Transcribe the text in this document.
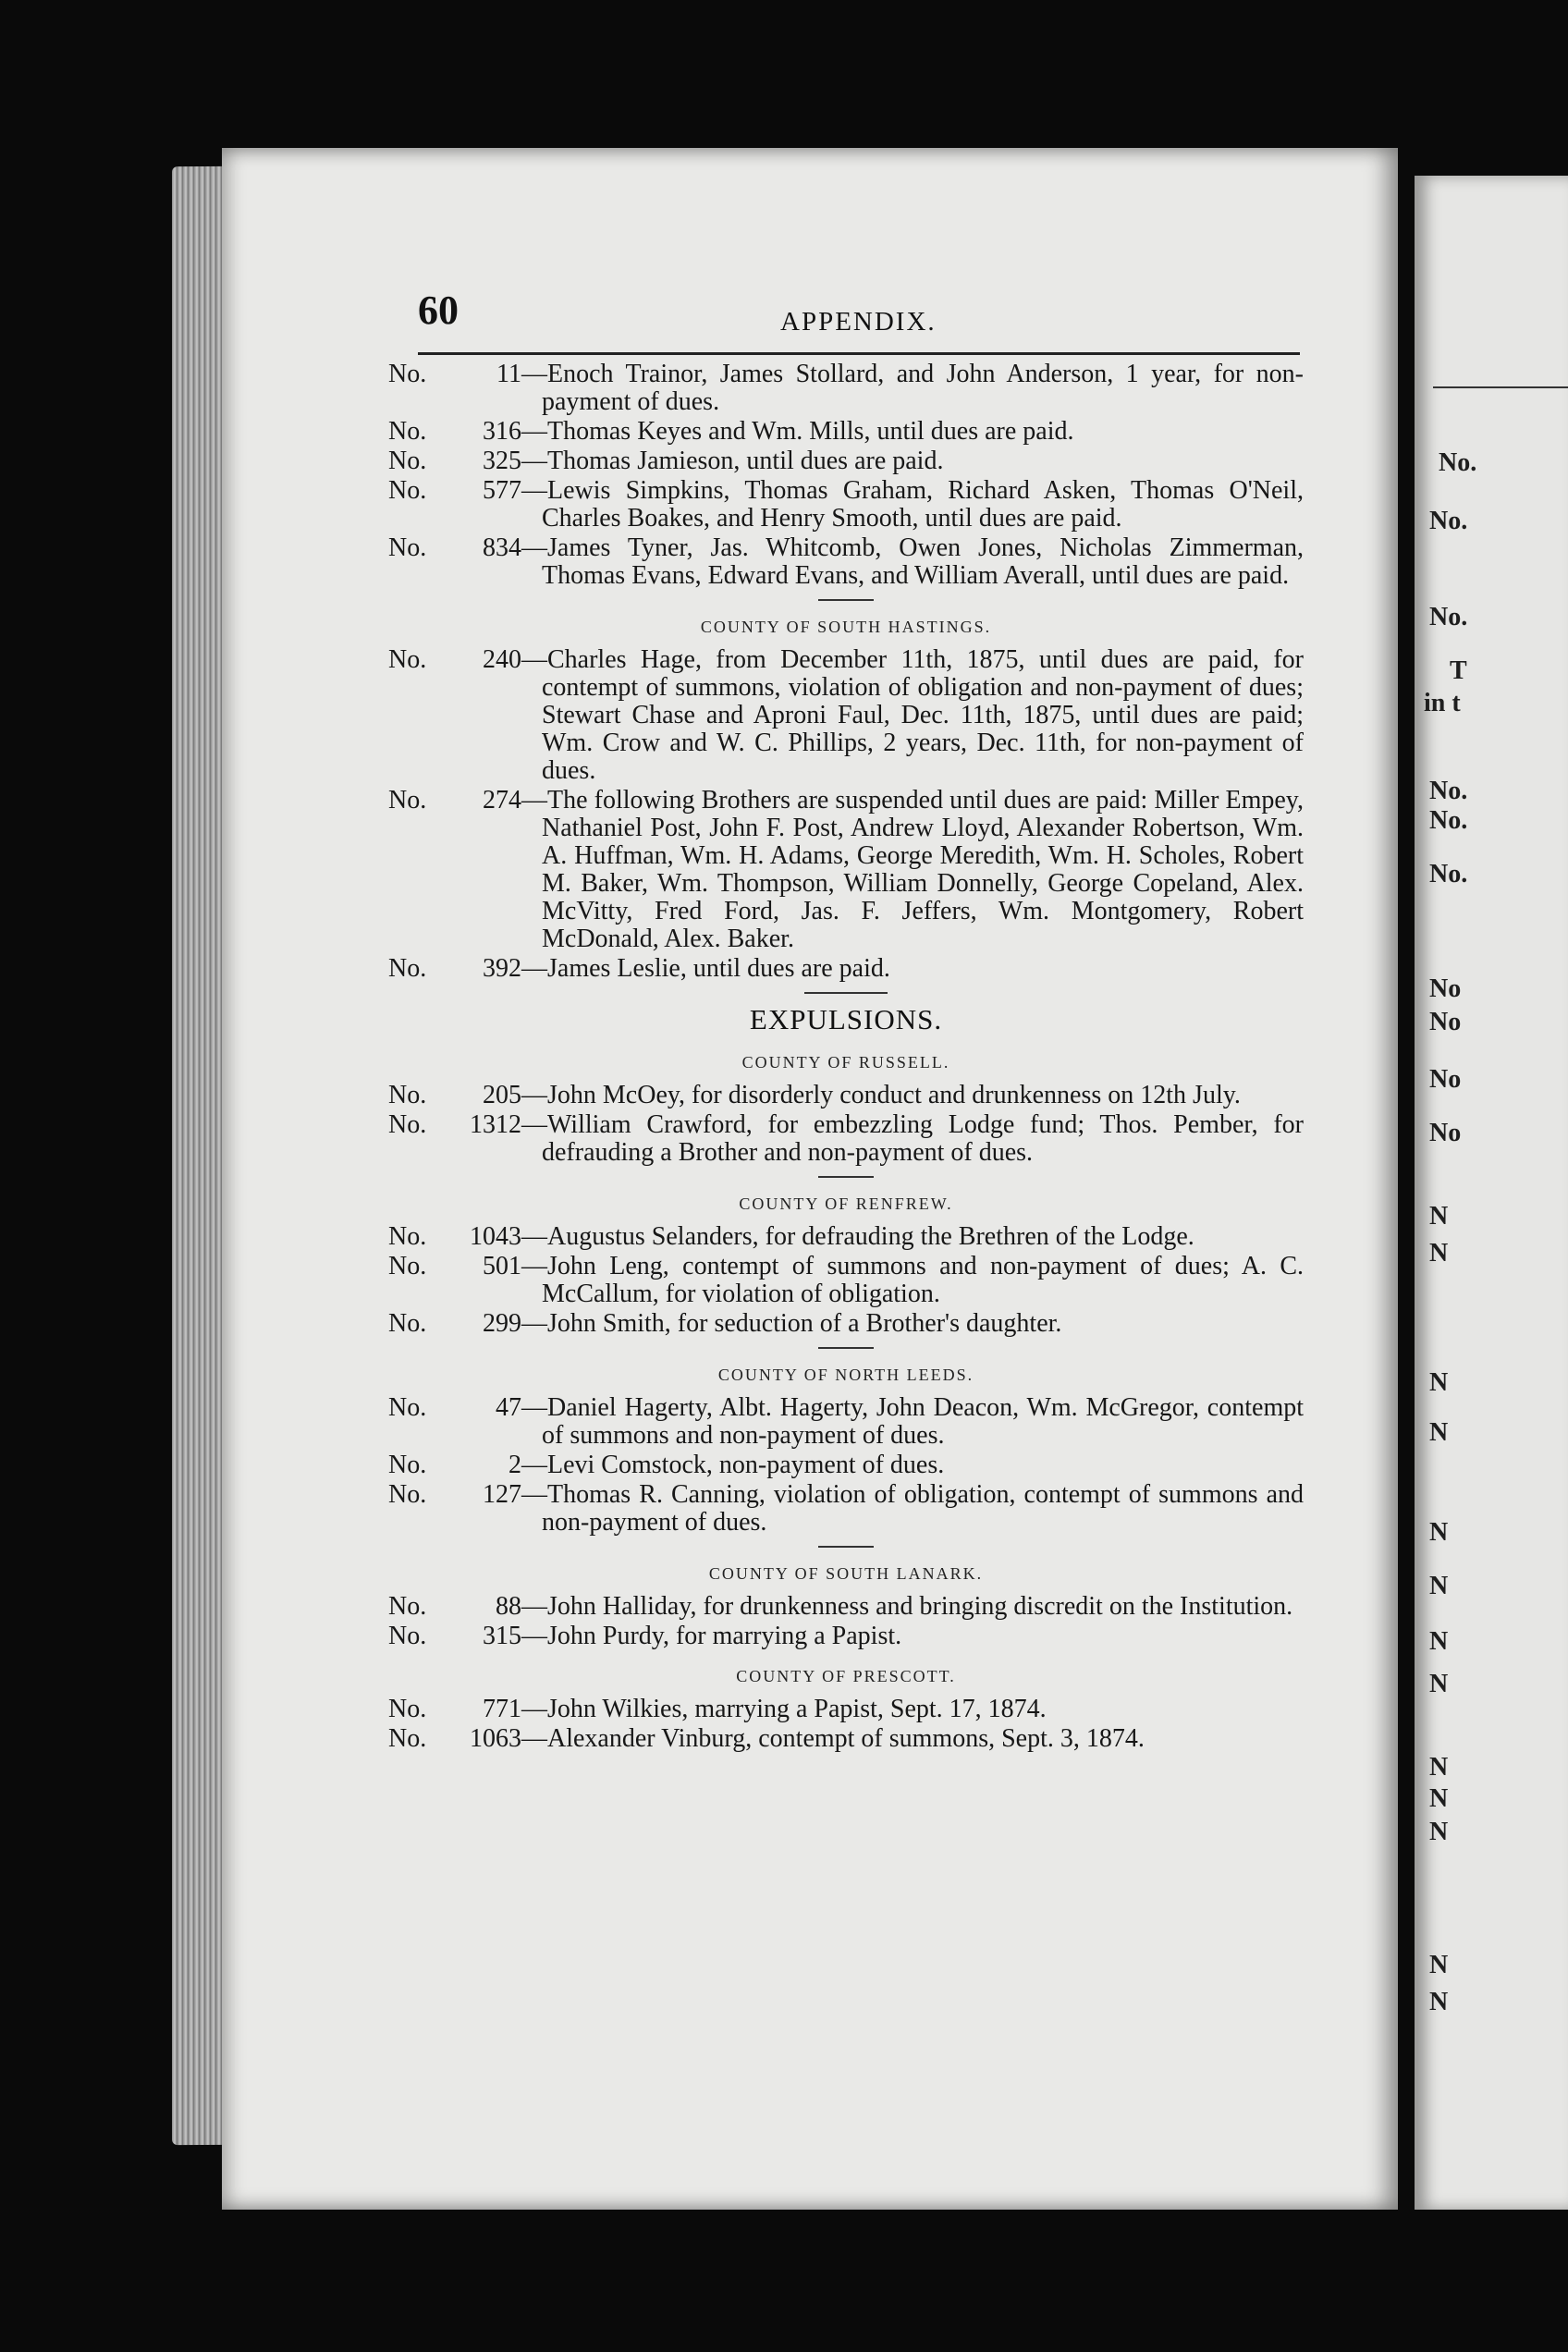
No.
No.
No.
T
in t
No.
No.
No.
No
No
No
No
N
N
N
N
N
N
N
N
N
N
N
N
N
60	APPENDIX.
No.	11 —Enoch Trainor, James Stollard, and John Anderson, 1 year, for non-payment of dues.
No.	316 —Thomas Keyes and Wm. Mills, until dues are paid.
No.	325 —Thomas Jamieson, until dues are paid.
No.	577 —Lewis Simpkins, Thomas Graham, Richard Asken, Thomas O'Neil, Charles Boakes, and Henry Smooth, until dues are paid.
No.	834 —James Tyner, Jas. Whitcomb, Owen Jones, Nicholas Zimmerman, Thomas Evans, Edward Evans, and William Averall, until dues are paid.
COUNTY OF SOUTH HASTINGS.
No.	240 —Charles Hage, from December 11th, 1875, until dues are paid, for contempt of summons, violation of obligation and non-payment of dues; Stewart Chase and Aproni Faul, Dec. 11th, 1875, until dues are paid; Wm. Crow and W. C. Phillips, 2 years, Dec. 11th, for non-payment of dues.
No.	274 —The following Brothers are suspended until dues are paid: Miller Empey, Nathaniel Post, John F. Post, Andrew Lloyd, Alexander Robertson, Wm. A. Huffman, Wm. H. Adams, George Meredith, Wm. H. Scholes, Robert M. Baker, Wm. Thompson, William Donnelly, George Copeland, Alex. McVitty, Fred Ford, Jas. F. Jeffers, Wm. Montgomery, Robert McDonald, Alex. Baker.
No.	392 —James Leslie, until dues are paid.
EXPULSIONS.
COUNTY OF RUSSELL.
No.	205 —John McOey, for disorderly conduct and drunkenness on 12th July.
No.	1312 —William Crawford, for embezzling Lodge fund; Thos. Pember, for defrauding a Brother and non-payment of dues.
COUNTY OF RENFREW.
No.	1043 —Augustus Selanders, for defrauding the Brethren of the Lodge.
No.	501 —John Leng, contempt of summons and non-payment of dues; A. C. McCallum, for violation of obligation.
No.	299 —John Smith, for seduction of a Brother's daughter.
COUNTY OF NORTH LEEDS.
No.	47 —Daniel Hagerty, Albt. Hagerty, John Deacon, Wm. McGregor, contempt of summons and non-payment of dues.
No.	2 —Levi Comstock, non-payment of dues.
No.	127 —Thomas R. Canning, violation of obligation, contempt of summons and non-payment of dues.
COUNTY OF SOUTH LANARK.
No.	88 —John Halliday, for drunkenness and bringing discredit on the Institution.
No.	315 —John Purdy, for marrying a Papist.
COUNTY OF PRESCOTT.
No.	771 —John Wilkies, marrying a Papist, Sept. 17, 1874.
No.	1063 —Alexander Vinburg, contempt of summons, Sept. 3, 1874.
